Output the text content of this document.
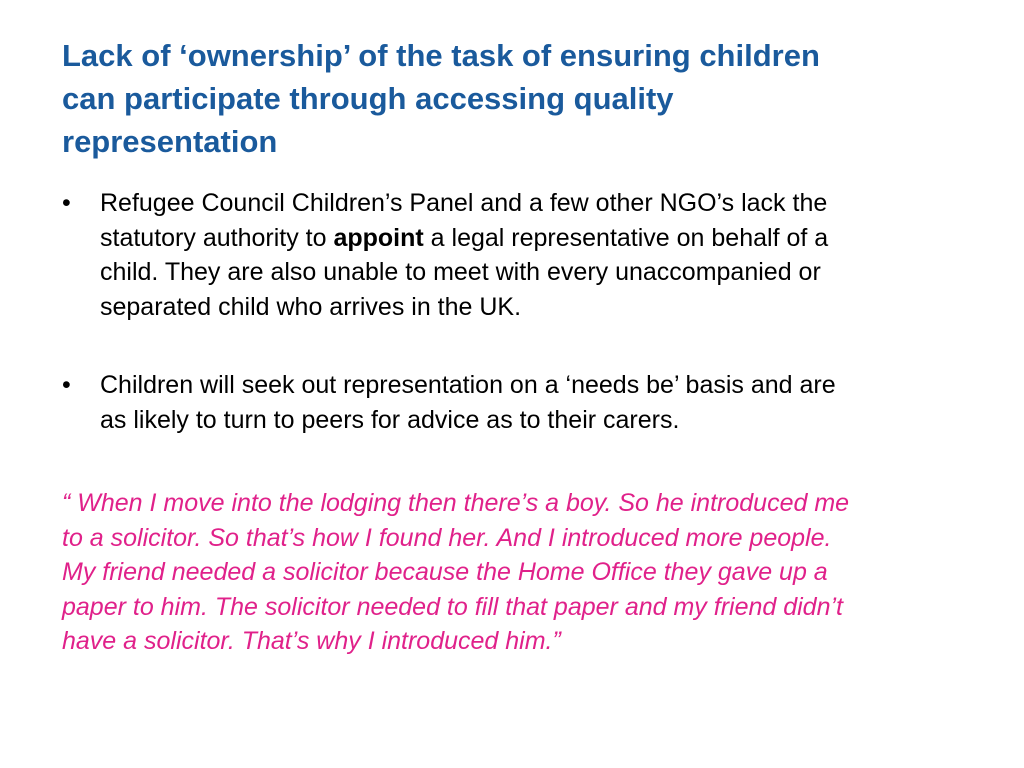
Lack of ‘ownership’ of the task of ensuring children
can participate through accessing quality
representation
•	Refugee Council Children’s Panel and a few other NGO’s lack the
statutory authority to appoint a legal representative on behalf of a
child. They are also unable to meet with every unaccompanied or
separated child who arrives in the UK.
•	Children will seek out representation on a ‘needs be’ basis and are
as likely to turn to peers for advice as to their carers.
“ When I move into the lodging then there’s a boy. So he introduced me
to a solicitor. So that’s how I found her. And I introduced more people.
My friend needed a solicitor because the Home Office they gave up a
paper to him. The solicitor needed to fill that paper and my friend didn’t
have a solicitor. That’s why I introduced him.”
